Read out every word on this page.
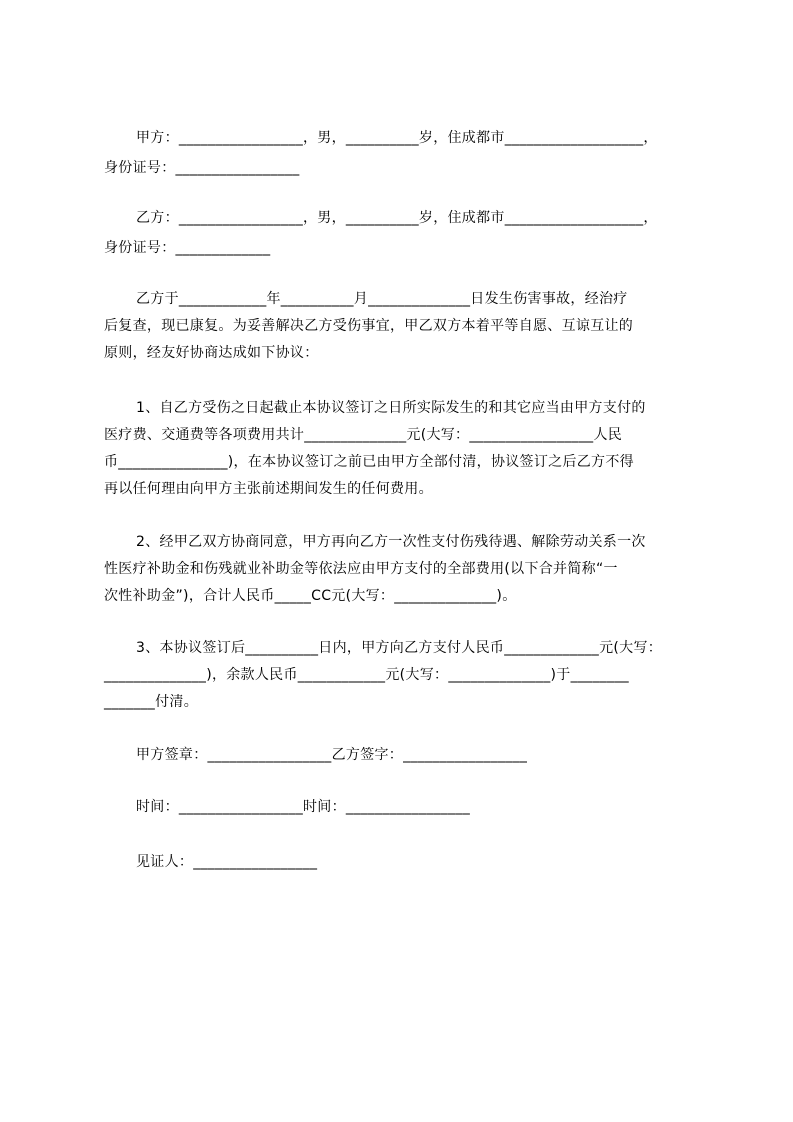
甲方：_________________，男，__________岁，住成都市___________________，
身份证号：_________________
乙方：_________________，男，__________岁，住成都市___________________，
身份证号：_____________
乙方于____________年__________月______________日发生伤害事故，经治疗
后复查，现已康复。为妥善解决乙方受伤事宜，甲乙双方本着平等自愿、互谅互让的
原则，经友好协商达成如下协议：
1、自乙方受伤之日起截止本协议签订之日所实际发生的和其它应当由甲方支付的
医疗费、交通费等各项费用共计______________元(大写：_________________人民
币_______________)，在本协议签订之前已由甲方全部付清，协议签订之后乙方不得
再以任何理由向甲方主张前述期间发生的任何费用。
2、经甲乙双方协商同意，甲方再向乙方一次性支付伤残待遇、解除劳动关系一次
性医疗补助金和伤残就业补助金等依法应由甲方支付的全部费用(以下合并简称“一
次性补助金”)，合计人民币_____CC元(大写：______________)。
3、本协议签订后__________日内，甲方向乙方支付人民币_____________元(大写：
______________)，余款人民币____________元(大写：______________)于________
_______付清。
甲方签章：_________________乙方签字：_________________
时间：_________________时间：_________________
见证人：_________________
